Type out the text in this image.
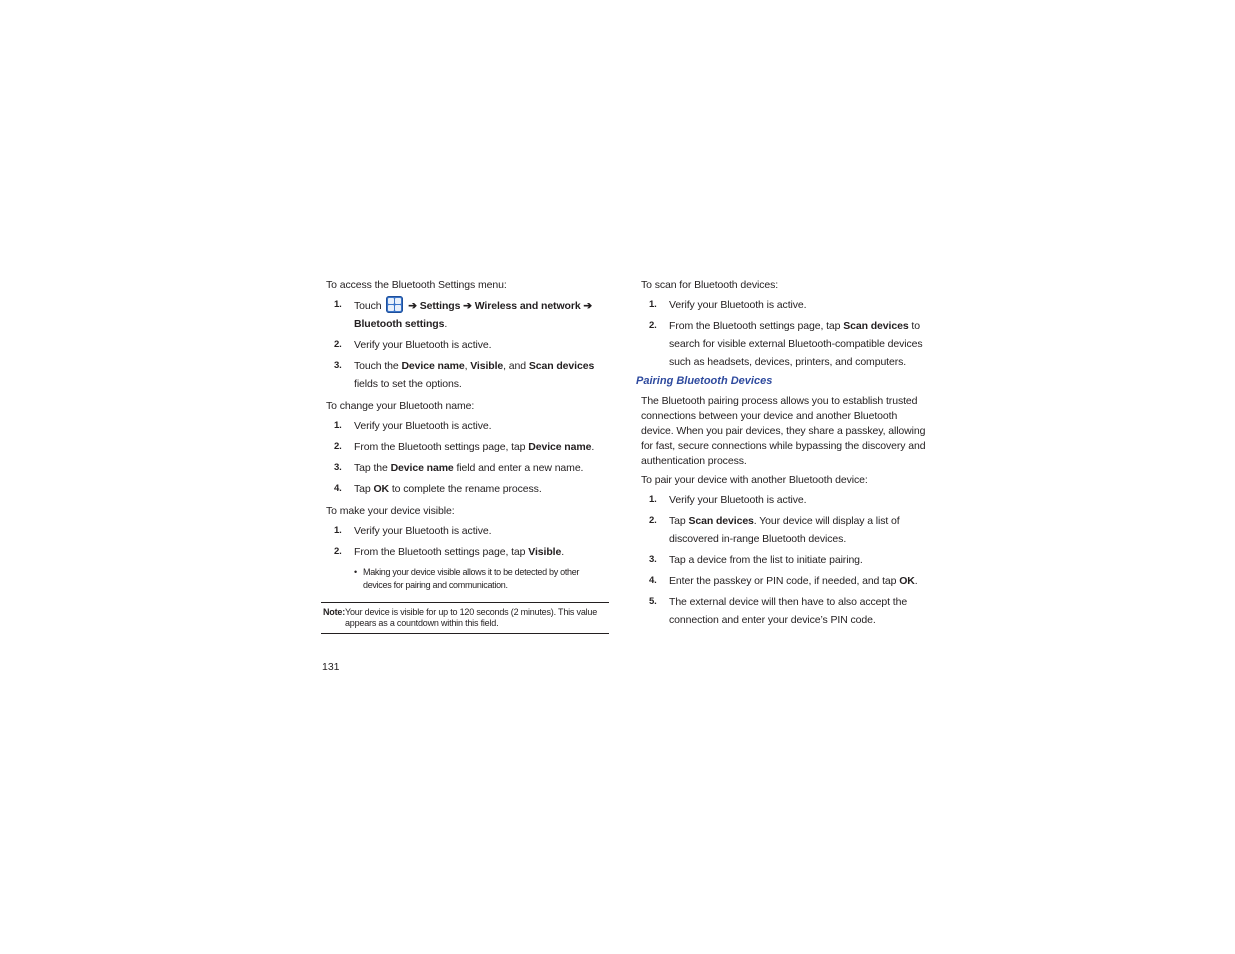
To access the Bluetooth Settings menu:

1.	Touch	➔ Settings ➔ Wireless and network ➔ Bluetooth settings.
2.	Verify your Bluetooth is active.
3.	Touch the Device name, Visible, and Scan devices fields to set the options.

To change your Bluetooth name:

1.	Verify your Bluetooth is active.
2.	From the Bluetooth settings page, tap Device name.
3.	Tap the Device name field and enter a new name.
4.	Tap OK to complete the rename process.

To make your device visible:

1.	Verify your Bluetooth is active.
2.	From the Bluetooth settings page, tap Visible.
• Making your device visible allows it to be detected by other devices for pairing and communication.
Note: Your device is visible for up to 120 seconds (2 minutes). This value appears as a countdown within this field.
131

To scan for Bluetooth devices:

1.	Verify your Bluetooth is active.
2.	From the Bluetooth settings page, tap Scan devices to search for visible external Bluetooth-compatible devices such as headsets, devices, printers, and computers.

Pairing Bluetooth Devices

The Bluetooth pairing process allows you to establish trusted connections between your device and another Bluetooth device. When you pair devices, they share a passkey, allowing for fast, secure connections while bypassing the discovery and authentication process.

To pair your device with another Bluetooth device:

1.	Verify your Bluetooth is active.
2.	Tap Scan devices. Your device will display a list of discovered in-range Bluetooth devices.
3.	Tap a device from the list to initiate pairing.
4.	Enter the passkey or PIN code, if needed, and tap OK.
5.	The external device will then have to also accept the connection and enter your device’s PIN code.
